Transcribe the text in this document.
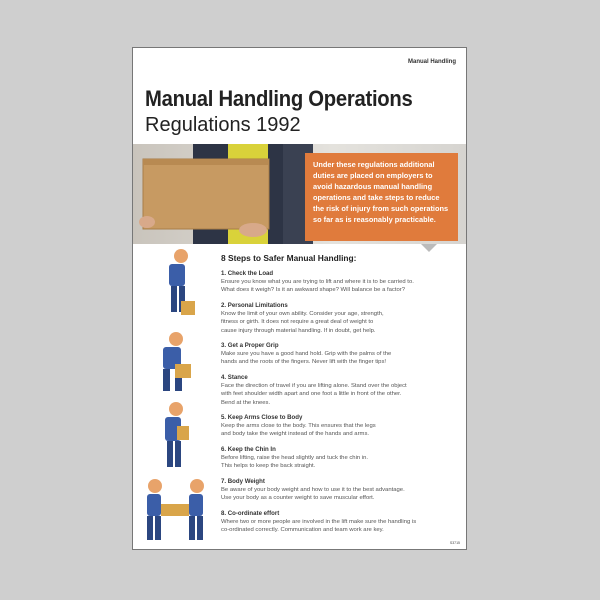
Manual Handling
Manual Handling Operations
Regulations 1992
Under these regulations additional duties are placed on employers to avoid hazardous manual handling operations and take steps to reduce the risk of injury from such operations so far as is reasonably practicable.
8 Steps to Safer Manual Handling:
1. Check the Load
Ensure you know what you are trying to lift and where it is to be carried to.
What does it weigh? Is it an awkward shape? Will balance be a factor?
2. Personal Limitations
Know the limit of your own ability. Consider your age, strength,
fitness or girth. It does not require a great deal of weight to
cause injury through material handling. If in doubt, get help.
3. Get a Proper Grip
Make sure you have a good hand hold. Grip with the palms of the
hands and the roots of the fingers. Never lift with the finger tips!
4. Stance
Face the direction of travel if you are lifting alone. Stand over the object
with feet shoulder width apart and one foot a little in front of the other.
Bend at the knees.
5. Keep Arms Close to Body
Keep the arms close to the body. This ensures that the legs
and body take the weight instead of the hands and arms.
6. Keep the Chin In
Before lifting, raise the head slightly and tuck the chin in.
This helps to keep the back straight.
7. Body Weight
Be aware of your body weight and how to use it to the best advantage.
Use your body as a counter weight to save muscular effort.
8. Co-ordinate effort
Where two or more people are involved in the lift make sure the handling is
co-ordinated correctly. Communication and team work are key.
S3715
